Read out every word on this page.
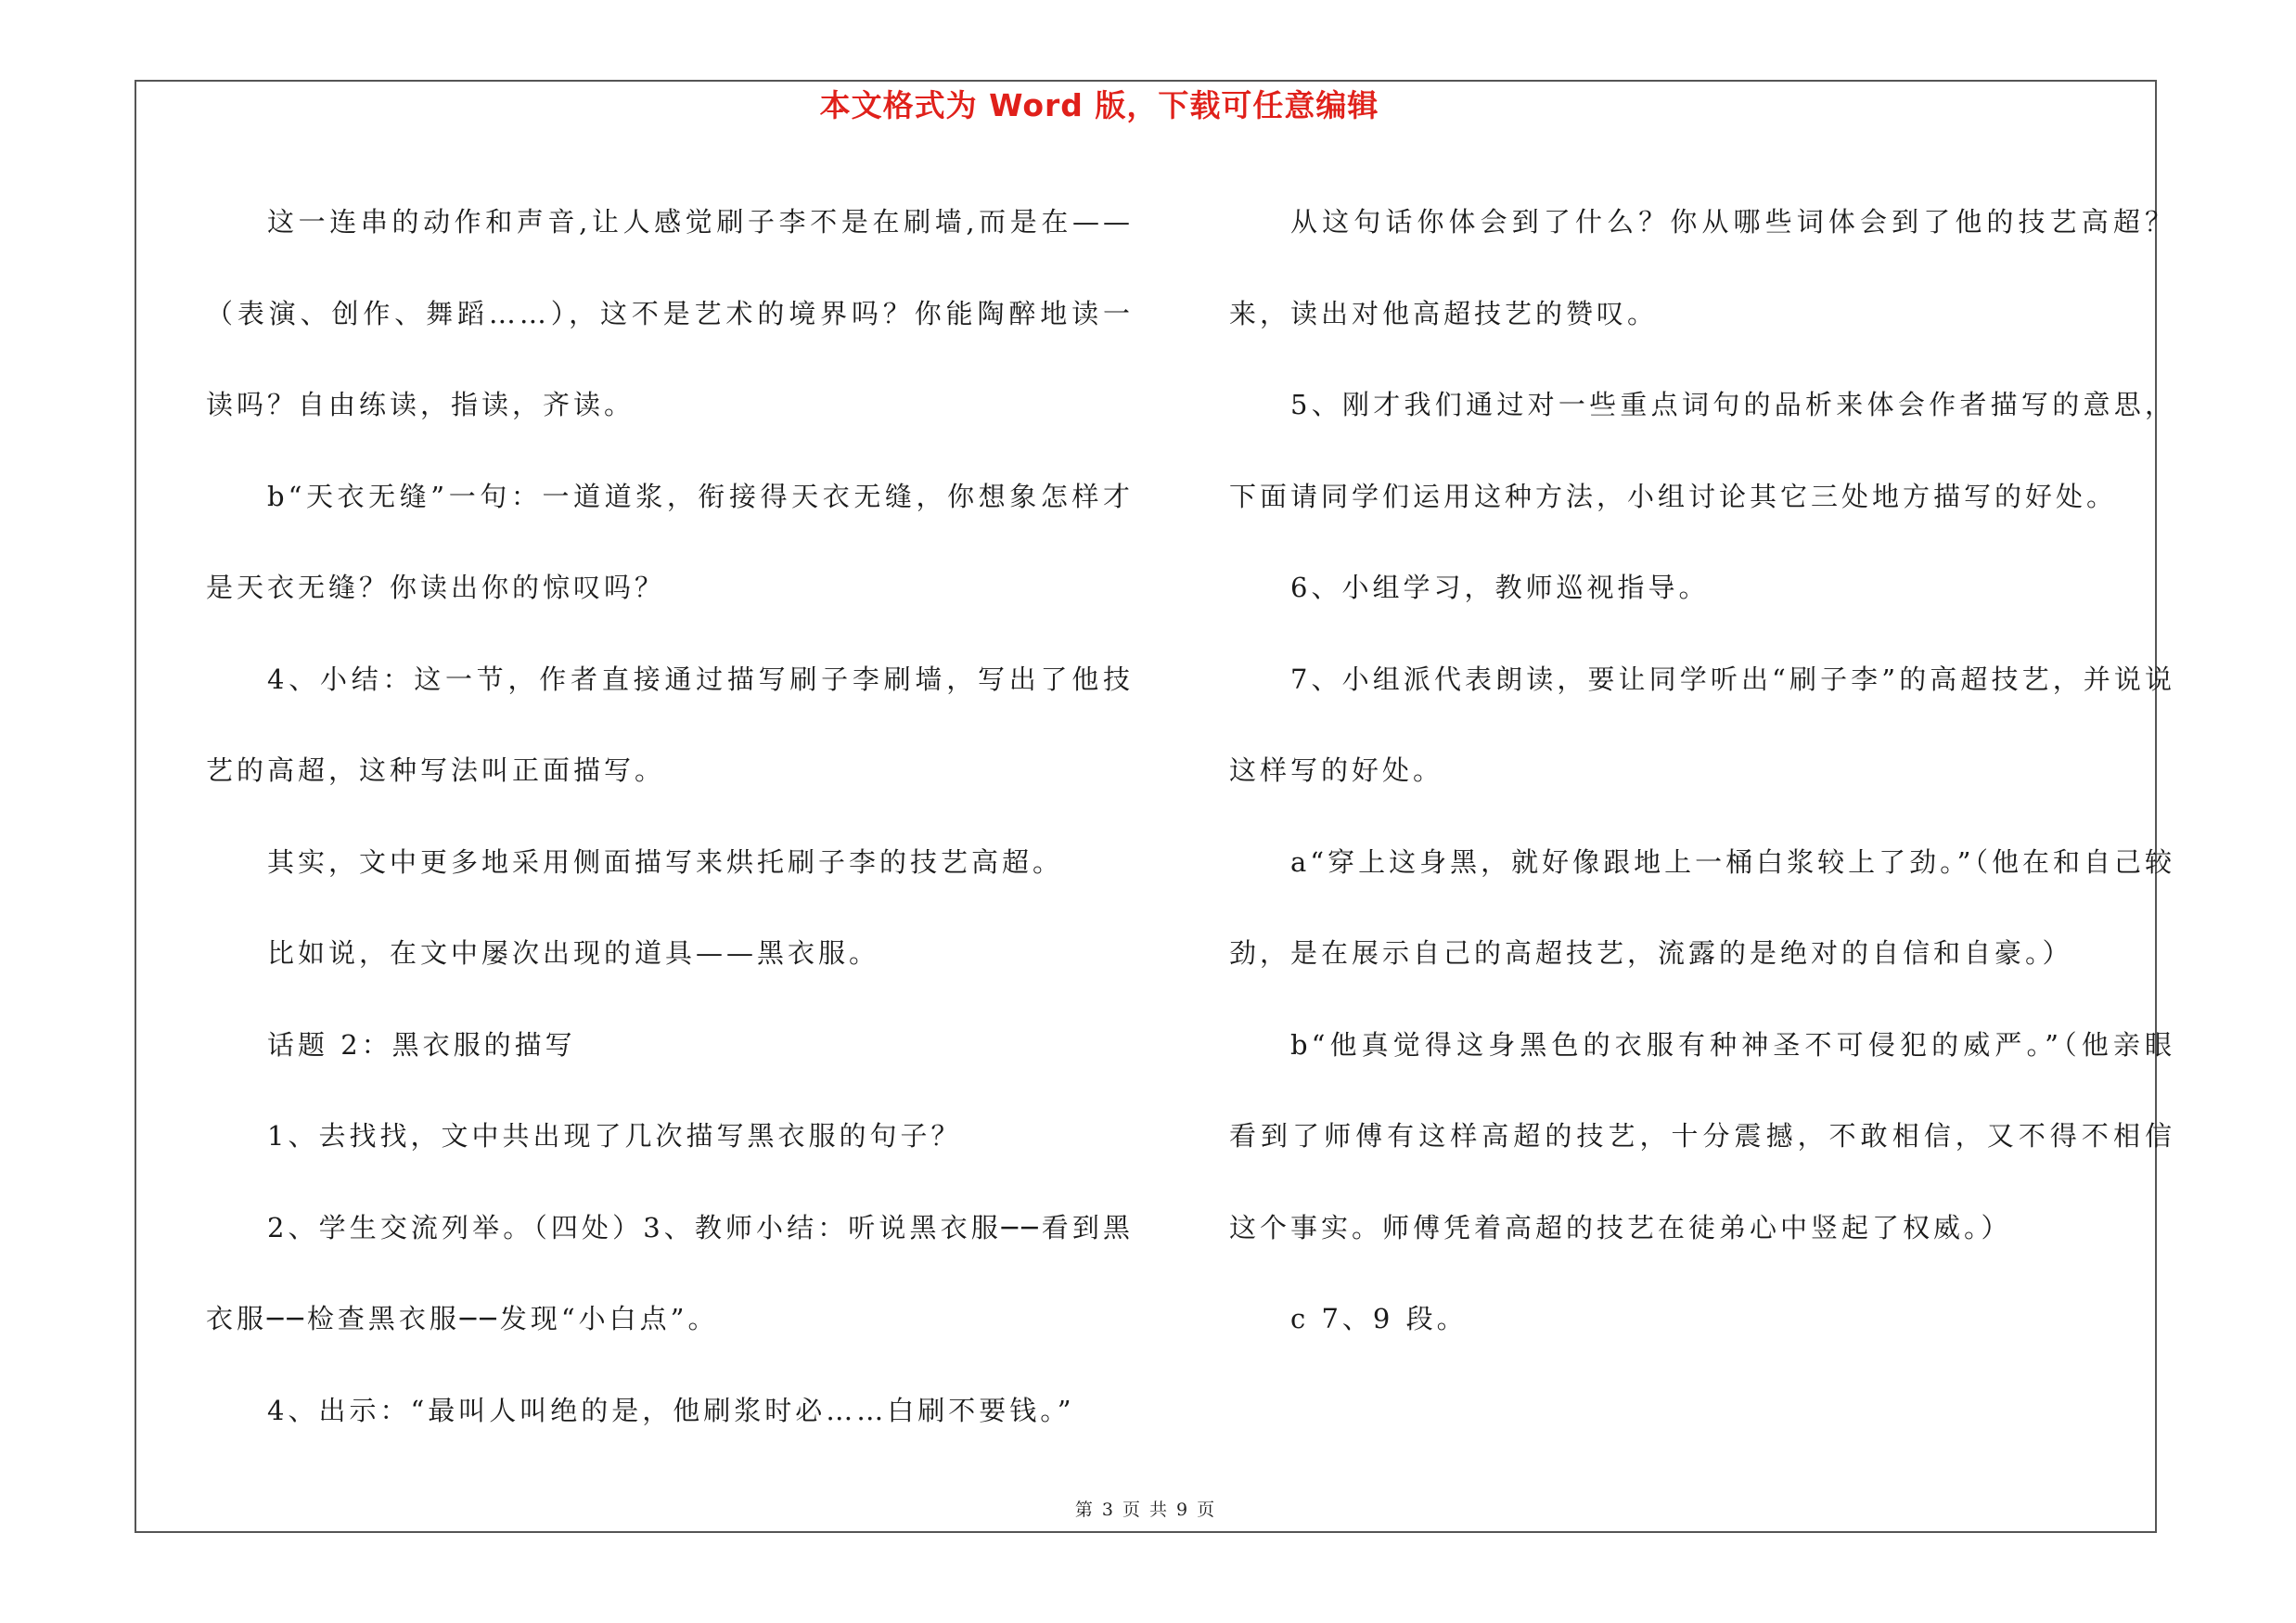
本文格式为 Word 版，下载可任意编辑

这一连串的动作和声音,让人感觉刷子李不是在刷墙,而是在——（表演、创作、舞蹈……），这不是艺术的境界吗？你能陶醉地读一读吗？自由练读，指读，齐读。

b“天衣无缝”一句：一道道浆，衔接得天衣无缝，你想象怎样才是天衣无缝？你读出你的惊叹吗？

4、小结：这一节，作者直接通过描写刷子李刷墙，写出了他技艺的高超，这种写法叫正面描写。

其实，文中更多地采用侧面描写来烘托刷子李的技艺高超。

比如说，在文中屡次出现的道具——黑衣服。

话题 2：黑衣服的描写

1、去找找，文中共出现了几次描写黑衣服的句子？

2、学生交流列举。（四处）3、教师小结：听说黑衣服──看到黑衣服──检查黑衣服──发现“小白点”。

4、出示：“最叫人叫绝的是，他刷浆时必……白刷不要钱。”

从这句话你体会到了什么？你从哪些词体会到了他的技艺高超？来，读出对他高超技艺的赞叹。

5、刚才我们通过对一些重点词句的品析来体会作者描写的意思，下面请同学们运用这种方法，小组讨论其它三处地方描写的好处。

6、小组学习，教师巡视指导。

7、小组派代表朗读，要让同学听出“刷子李”的高超技艺，并说说这样写的好处。

a“穿上这身黑，就好像跟地上一桶白浆较上了劲。”（他在和自己较劲，是在展示自己的高超技艺，流露的是绝对的自信和自豪。）

b“他真觉得这身黑色的衣服有种神圣不可侵犯的威严。”（他亲眼看到了师傅有这样高超的技艺，十分震撼，不敢相信，又不得不相信这个事实。师傅凭着高超的技艺在徒弟心中竖起了权威。）

c 7、9 段。

第 3 页 共 9 页
